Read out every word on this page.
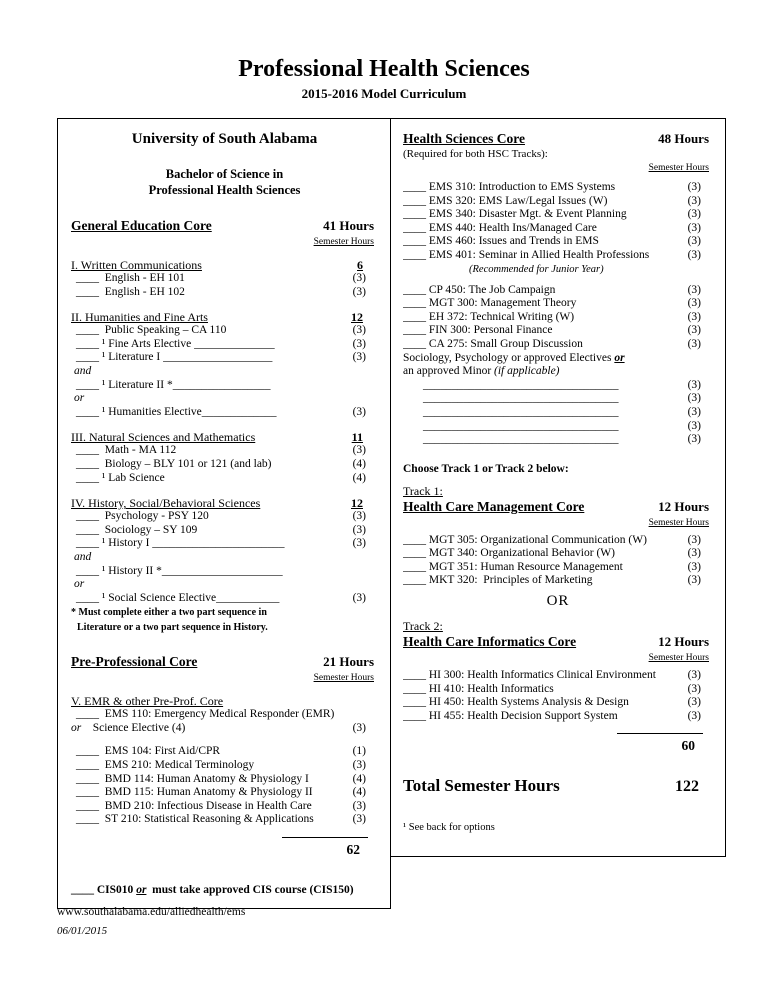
Professional Health Sciences
2015-2016 Model Curriculum
University of South Alabama
Bachelor of Science in
Professional Health Sciences
General Education Core	41 Hours
Semester Hours
I. Written Communications	6
____  English - EH 101	(3)
____  English - EH 102	(3)
II. Humanities and Fine Arts	12
____  Public Speaking – CA 110	(3)
____ ¹ Fine Arts Elective ______________	(3)
____ ¹ Literature I ___________________	(3)
and
____ ¹ Literature II *_________________
or
____ ¹ Humanities Elective_____________	(3)
III. Natural Sciences and Mathematics	11
____  Math - MA 112	(3)
____  Biology – BLY 101 or 121 (and lab)	(4)
____ ¹ Lab Science	(4)
IV. History, Social/Behavioral Sciences	12
____  Psychology - PSY 120	(3)
____  Sociology – SY 109	(3)
____ ¹ History I _______________________	(3)
and
____ ¹ History II *_____________________
or
____ ¹ Social Science Elective___________	(3)
* Must complete either a two part sequence in
Literature or a two part sequence in History.
Pre-Professional Core	21 Hours
Semester Hours
V. EMR & other Pre-Prof. Core
____  EMS 110: Emergency Medical Responder (EMR)
or    Science Elective (4)	(3)
____  EMS 104: First Aid/CPR	(1)
____  EMS 210: Medical Terminology	(3)
____  BMD 114: Human Anatomy & Physiology I	(4)
____  BMD 115: Human Anatomy & Physiology II	(4)
____  BMD 210: Infectious Disease in Health Care	(3)
____  ST 210: Statistical Reasoning & Applications	(3)
62
____ CIS010 or  must take approved CIS course (CIS150)
Health Sciences Core	48 Hours
(Required for both HSC Tracks):
Semester Hours
____ EMS 310: Introduction to EMS Systems	(3)
____ EMS 320: EMS Law/Legal Issues (W)	(3)
____ EMS 340: Disaster Mgt. & Event Planning	(3)
____ EMS 440: Health Ins/Managed Care	(3)
____ EMS 460: Issues and Trends in EMS	(3)
____ EMS 401: Seminar in Allied Health Professions	(3)
(Recommended for Junior Year)
____ CP 450: The Job Campaign	(3)
____ MGT 300: Management Theory	(3)
____ EH 372: Technical Writing (W)	(3)
____ FIN 300: Personal Finance	(3)
____ CA 275: Small Group Discussion	(3)
Sociology, Psychology or approved Electives or
an approved Minor (if applicable)
__________________________________	(3)
__________________________________	(3)
__________________________________	(3)
__________________________________	(3)
__________________________________	(3)
Choose Track 1 or Track 2 below:
Track 1:
Health Care Management Core	12 Hours
Semester Hours
____ MGT 305: Organizational Communication (W)	(3)
____ MGT 340: Organizational Behavior (W)	(3)
____ MGT 351: Human Resource Management	(3)
____ MKT 320:  Principles of Marketing	(3)
OR
Track 2:
Health Care Informatics Core	12 Hours
Semester Hours
____ HI 300: Health Informatics Clinical Environment	(3)
____ HI 410: Health Informatics	(3)
____ HI 450: Health Systems Analysis & Design	(3)
____ HI 455: Health Decision Support System	(3)
60
Total Semester Hours	122
¹ See back for options
www.southalabama.edu/alliedhealth/ems
06/01/2015
